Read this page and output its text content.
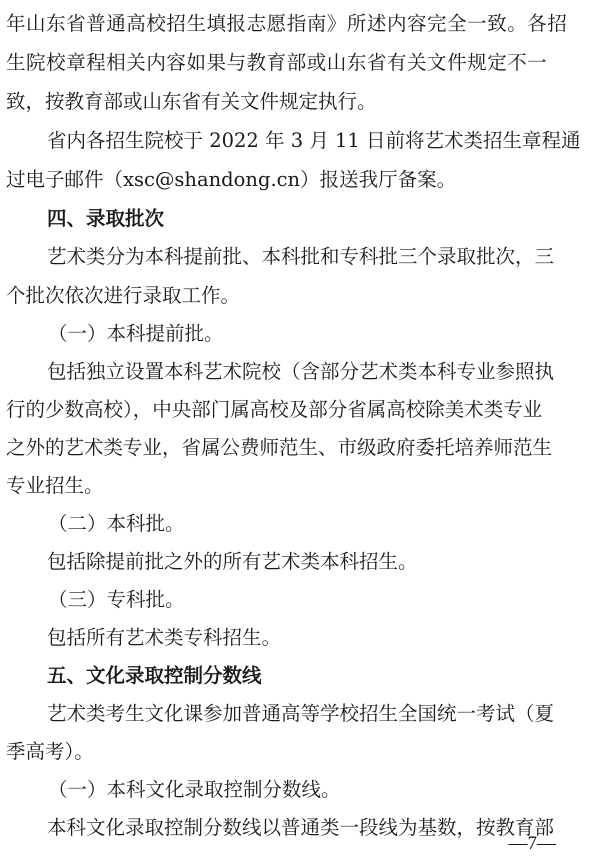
年山东省普通高校招生填报志愿指南》所述内容完全一致。各招
生院校章程相关内容如果与教育部或山东省有关文件规定不一
致，按教育部或山东省有关文件规定执行。
省内各招生院校于 2022 年 3 月 11 日前将艺术类招生章程通
过电子邮件（xsc@shandong.cn）报送我厅备案。
四、录取批次
艺术类分为本科提前批、本科批和专科批三个录取批次，三
个批次依次进行录取工作。
（一）本科提前批。
包括独立设置本科艺术院校（含部分艺术类本科专业参照执
行的少数高校），中央部门属高校及部分省属高校除美术类专业
之外的艺术类专业，省属公费师范生、市级政府委托培养师范生
专业招生。
（二）本科批。
包括除提前批之外的所有艺术类本科招生。
（三）专科批。
包括所有艺术类专科招生。
五、文化录取控制分数线
艺术类考生文化课参加普通高等学校招生全国统一考试（夏
季高考）。
（一）本科文化录取控制分数线。
本科文化录取控制分数线以普通类一段线为基数，按教育部
—7—
